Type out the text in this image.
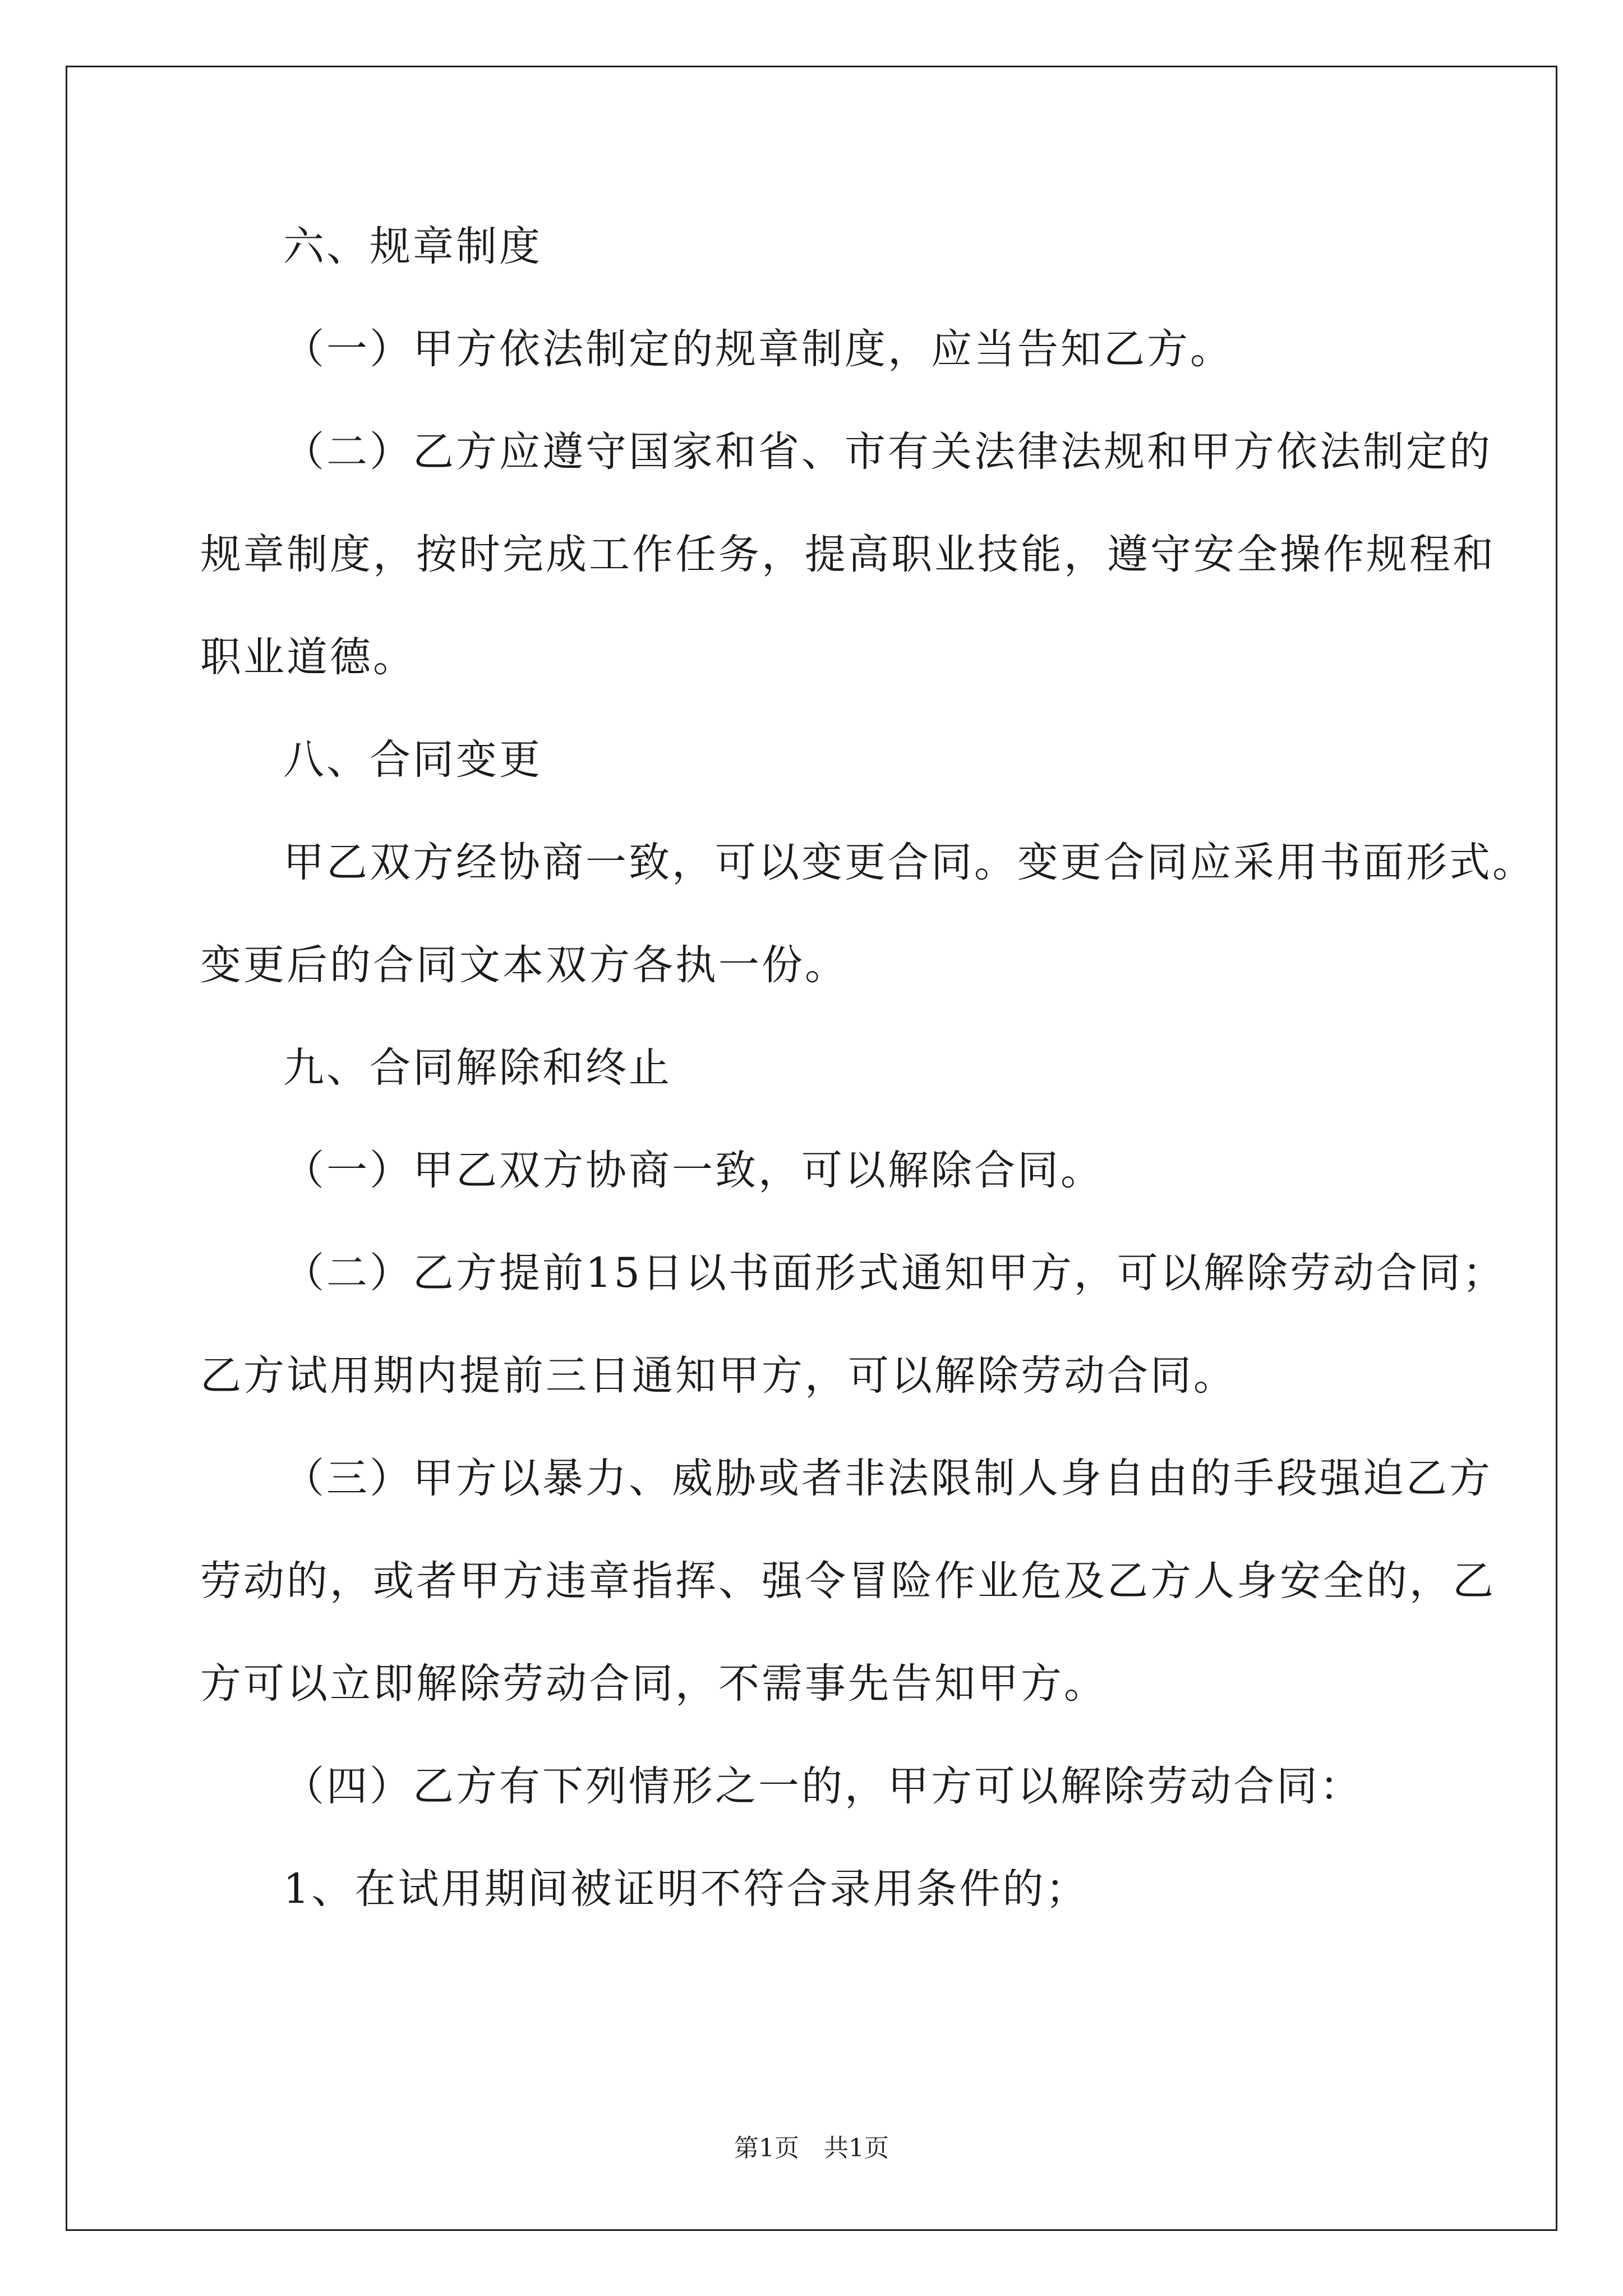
六、规章制度
（一）甲方依法制定的规章制度，应当告知乙方。
（二）乙方应遵守国家和省、市有关法律法规和甲方依法制定的
规章制度，按时完成工作任务，提高职业技能，遵守安全操作规程和
职业道德。
八、合同变更
甲乙双方经协商一致，可以变更合同。变更合同应采用书面形式。
变更后的合同文本双方各执一份。
九、合同解除和终止
（一）甲乙双方协商一致，可以解除合同。
（二）乙方提前15日以书面形式通知甲方，可以解除劳动合同；
乙方试用期内提前三日通知甲方，可以解除劳动合同。
（三）甲方以暴力、威胁或者非法限制人身自由的手段强迫乙方
劳动的，或者甲方违章指挥、强令冒险作业危及乙方人身安全的，乙
方可以立即解除劳动合同，不需事先告知甲方。
（四）乙方有下列情形之一的，甲方可以解除劳动合同：
1、在试用期间被证明不符合录用条件的；
第1页　共1页
